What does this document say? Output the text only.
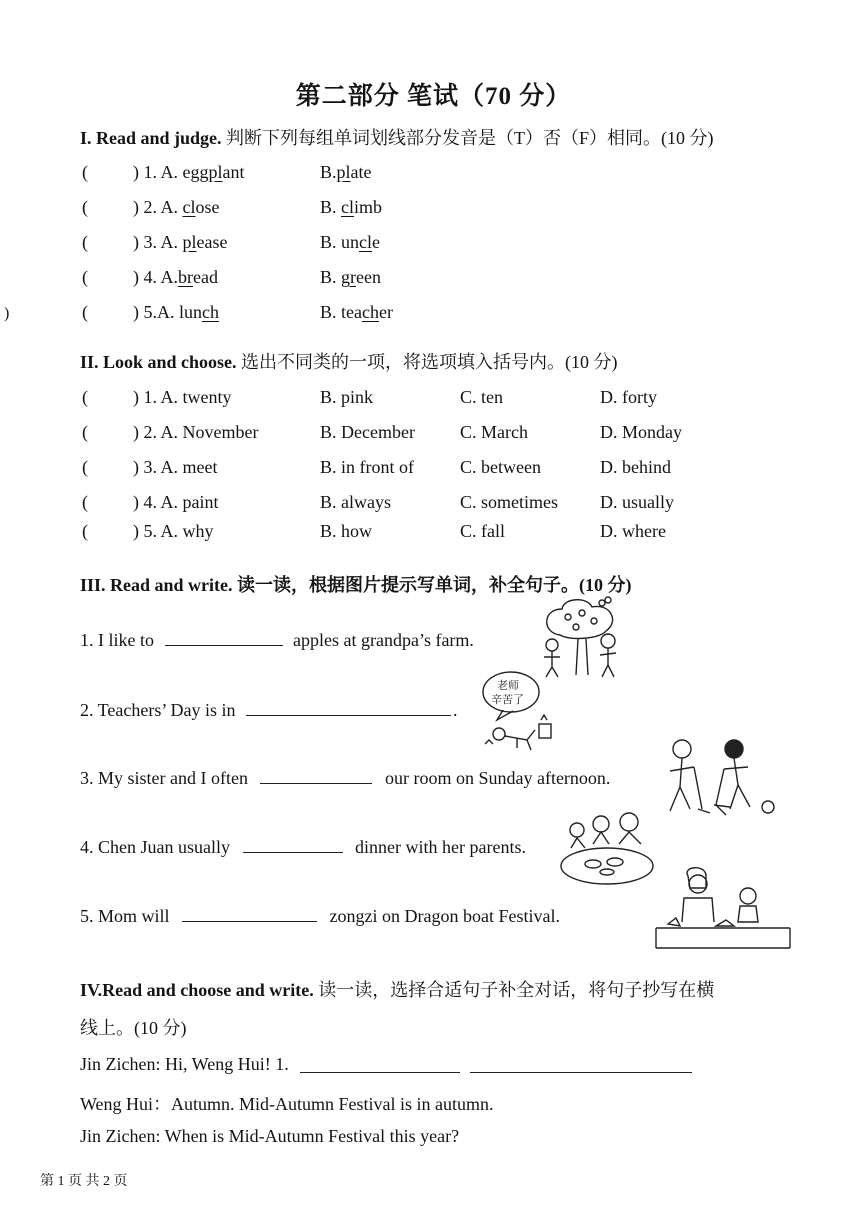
第二部分 笔试（70 分）
I. Read and judge. 判断下列每组单词划线部分发音是（T）否（F）相同。(10 分)
)
(	) 1. A. eggplant	B.plate
(	) 2. A. close	B. climb
(	) 3. A. please	B. uncle
(	) 4. A.bread	B. green
(	) 5.A. lunch	B. teacher
II. Look and choose. 选出不同类的一项，将选项填入括号内。(10 分)
(	) 1. A. twenty	B. pink	C. ten	D. forty
(	) 2. A. November	B. December	C. March	D. Monday
(	) 3. A. meet	B. in front of	C. between	D. behind
(	) 4. A. paint	B. always	C. sometimes D. usually
(	) 5. A. why	B. how	C. fall	D. where
III. Read and write. 读一读，根据图片提示写单词，补全句子。(10 分)
1. I like to	apples at grandpa’s farm.
2. Teachers’ Day is in	.
3. My sister and I often	our room on Sunday afternoon.
4. Chen Juan usually	dinner with her parents.
5. Mom will	zongzi on Dragon boat Festival.
老师
辛苦了
IV.Read and choose and write. 读一读，选择合适句子补全对话，将句子抄写在横
线上。(10 分)
Jin Zichen: Hi, Weng Hui! 1.
Weng Hui：Autumn. Mid-Autumn Festival is in autumn.
Jin Zichen: When is Mid-Autumn Festival this year?
第 1 页 共 2 页
